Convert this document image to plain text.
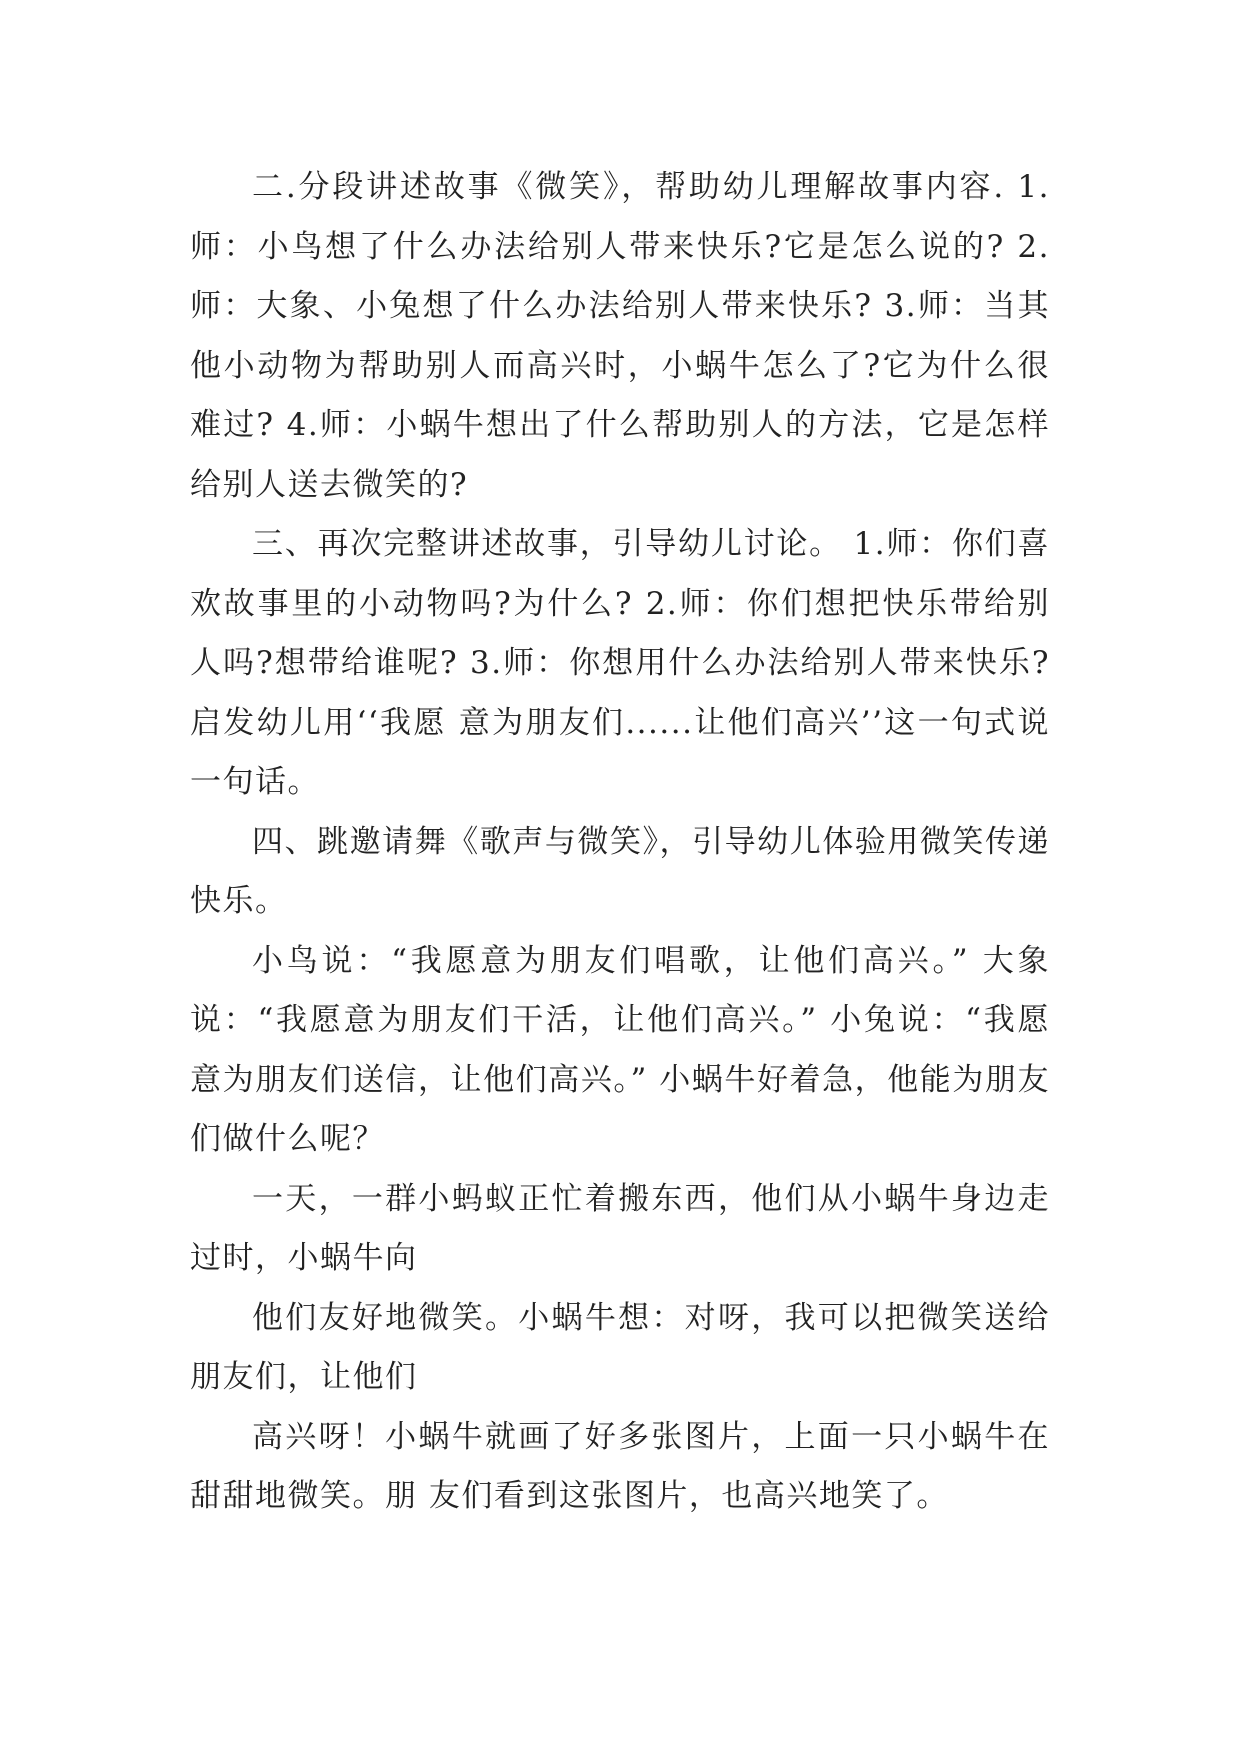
二.分段讲述故事《微笑》，帮助幼儿理解故事内容. 1.师：小鸟想了什么办法给别人带来快乐?它是怎么说的? 2.师：大象、小兔想了什么办法给别人带来快乐? 3.师：当其他小动物为帮助别人而高兴时，小蜗牛怎么了?它为什么很难过? 4.师：小蜗牛想出了什么帮助别人的方法，它是怎样给别人送去微笑的?

三、再次完整讲述故事，引导幼儿讨论。 1.师：你们喜欢故事里的小动物吗?为什么? 2.师：你们想把快乐带给别人吗?想带给谁呢? 3.师：你想用什么办法给别人带来快乐? 启发幼儿用‘‘我愿 意为朋友们......让他们高兴’’这一句式说一句话。

四、跳邀请舞《歌声与微笑》，引导幼儿体验用微笑传递快乐。

小鸟说：“我愿意为朋友们唱歌，让他们高兴。” 大象说：“我愿意为朋友们干活，让他们高兴。” 小兔说：“我愿意为朋友们送信，让他们高兴。” 小蜗牛好着急，他能为朋友们做什么呢？

一天，一群小蚂蚁正忙着搬东西，他们从小蜗牛身边走过时，小蜗牛向

他们友好地微笑。小蜗牛想：对呀，我可以把微笑送给朋友们，让他们

高兴呀！小蜗牛就画了好多张图片，上面一只小蜗牛在甜甜地微笑。朋 友们看到这张图片，也高兴地笑了。
